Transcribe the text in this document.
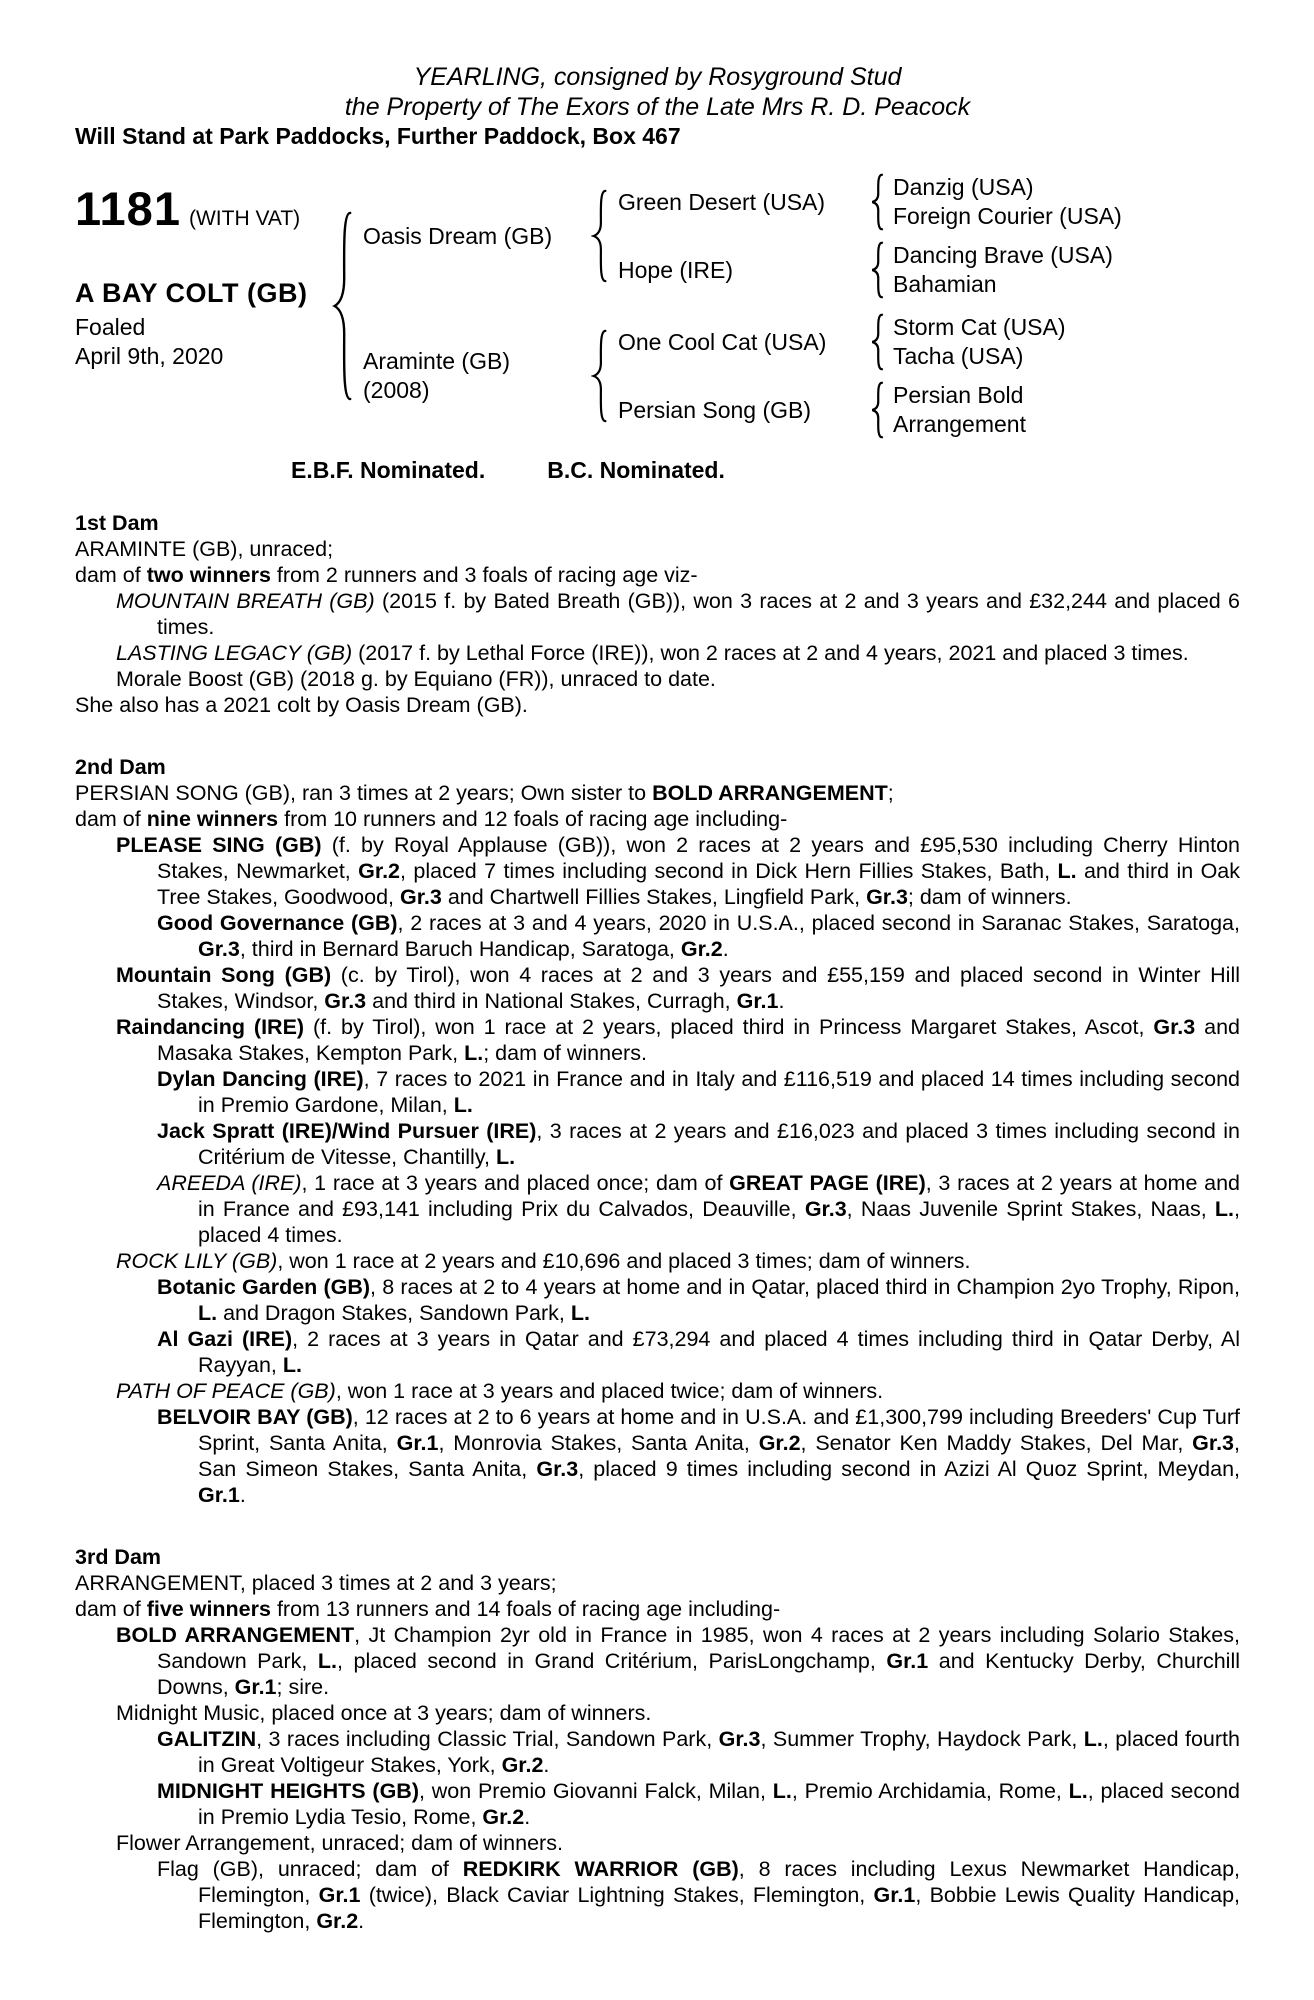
YEARLING, consigned by Rosyground Stud
the Property of The Exors of the Late Mrs R. D. Peacock
Will Stand at Park Paddocks, Further Paddock, Box 467
1181 (WITH VAT)
A BAY COLT (GB)
Foaled
April 9th, 2020
Oasis Dream (GB)
Green Desert (USA)
Danzig (USA)
Foreign Courier (USA)
Hope (IRE)
Dancing Brave (USA)
Bahamian
Araminte (GB)
(2008)
One Cool Cat (USA)
Storm Cat (USA)
Tacha (USA)
Persian Song (GB)
Persian Bold
Arrangement
E.B.F. Nominated.	B.C. Nominated.
1st Dam
ARAMINTE (GB), unraced;
dam of two winners from 2 runners and 3 foals of racing age viz-
MOUNTAIN BREATH (GB) (2015 f. by Bated Breath (GB)), won 3 races at 2 and 3 years and £32,244 and placed 6 times.
LASTING LEGACY (GB) (2017 f. by Lethal Force (IRE)), won 2 races at 2 and 4 years, 2021 and placed 3 times.
Morale Boost (GB) (2018 g. by Equiano (FR)), unraced to date.
She also has a 2021 colt by Oasis Dream (GB).
2nd Dam
PERSIAN SONG (GB), ran 3 times at 2 years; Own sister to BOLD ARRANGEMENT;
dam of nine winners from 10 runners and 12 foals of racing age including-
PLEASE SING (GB) (f. by Royal Applause (GB)), won 2 races at 2 years and £95,530 including Cherry Hinton Stakes, Newmarket, Gr.2, placed 7 times including second in Dick Hern Fillies Stakes, Bath, L. and third in Oak Tree Stakes, Goodwood, Gr.3 and Chartwell Fillies Stakes, Lingfield Park, Gr.3; dam of winners.
Good Governance (GB), 2 races at 3 and 4 years, 2020 in U.S.A., placed second in Saranac Stakes, Saratoga, Gr.3, third in Bernard Baruch Handicap, Saratoga, Gr.2.
Mountain Song (GB) (c. by Tirol), won 4 races at 2 and 3 years and £55,159 and placed second in Winter Hill Stakes, Windsor, Gr.3 and third in National Stakes, Curragh, Gr.1.
Raindancing (IRE) (f. by Tirol), won 1 race at 2 years, placed third in Princess Margaret Stakes, Ascot, Gr.3 and Masaka Stakes, Kempton Park, L.; dam of winners.
Dylan Dancing (IRE), 7 races to 2021 in France and in Italy and £116,519 and placed 14 times including second in Premio Gardone, Milan, L.
Jack Spratt (IRE)/Wind Pursuer (IRE), 3 races at 2 years and £16,023 and placed 3 times including second in Critérium de Vitesse, Chantilly, L.
AREEDA (IRE), 1 race at 3 years and placed once; dam of GREAT PAGE (IRE), 3 races at 2 years at home and in France and £93,141 including Prix du Calvados, Deauville, Gr.3, Naas Juvenile Sprint Stakes, Naas, L., placed 4 times.
ROCK LILY (GB), won 1 race at 2 years and £10,696 and placed 3 times; dam of winners.
Botanic Garden (GB), 8 races at 2 to 4 years at home and in Qatar, placed third in Champion 2yo Trophy, Ripon, L. and Dragon Stakes, Sandown Park, L.
Al Gazi (IRE), 2 races at 3 years in Qatar and £73,294 and placed 4 times including third in Qatar Derby, Al Rayyan, L.
PATH OF PEACE (GB), won 1 race at 3 years and placed twice; dam of winners.
BELVOIR BAY (GB), 12 races at 2 to 6 years at home and in U.S.A. and £1,300,799 including Breeders' Cup Turf Sprint, Santa Anita, Gr.1, Monrovia Stakes, Santa Anita, Gr.2, Senator Ken Maddy Stakes, Del Mar, Gr.3, San Simeon Stakes, Santa Anita, Gr.3, placed 9 times including second in Azizi Al Quoz Sprint, Meydan, Gr.1.
3rd Dam
ARRANGEMENT, placed 3 times at 2 and 3 years;
dam of five winners from 13 runners and 14 foals of racing age including-
BOLD ARRANGEMENT, Jt Champion 2yr old in France in 1985, won 4 races at 2 years including Solario Stakes, Sandown Park, L., placed second in Grand Critérium, ParisLongchamp, Gr.1 and Kentucky Derby, Churchill Downs, Gr.1; sire.
Midnight Music, placed once at 3 years; dam of winners.
GALITZIN, 3 races including Classic Trial, Sandown Park, Gr.3, Summer Trophy, Haydock Park, L., placed fourth in Great Voltigeur Stakes, York, Gr.2.
MIDNIGHT HEIGHTS (GB), won Premio Giovanni Falck, Milan, L., Premio Archidamia, Rome, L., placed second in Premio Lydia Tesio, Rome, Gr.2.
Flower Arrangement, unraced; dam of winners.
Flag (GB), unraced; dam of REDKIRK WARRIOR (GB), 8 races including Lexus Newmarket Handicap, Flemington, Gr.1 (twice), Black Caviar Lightning Stakes, Flemington, Gr.1, Bobbie Lewis Quality Handicap, Flemington, Gr.2.
